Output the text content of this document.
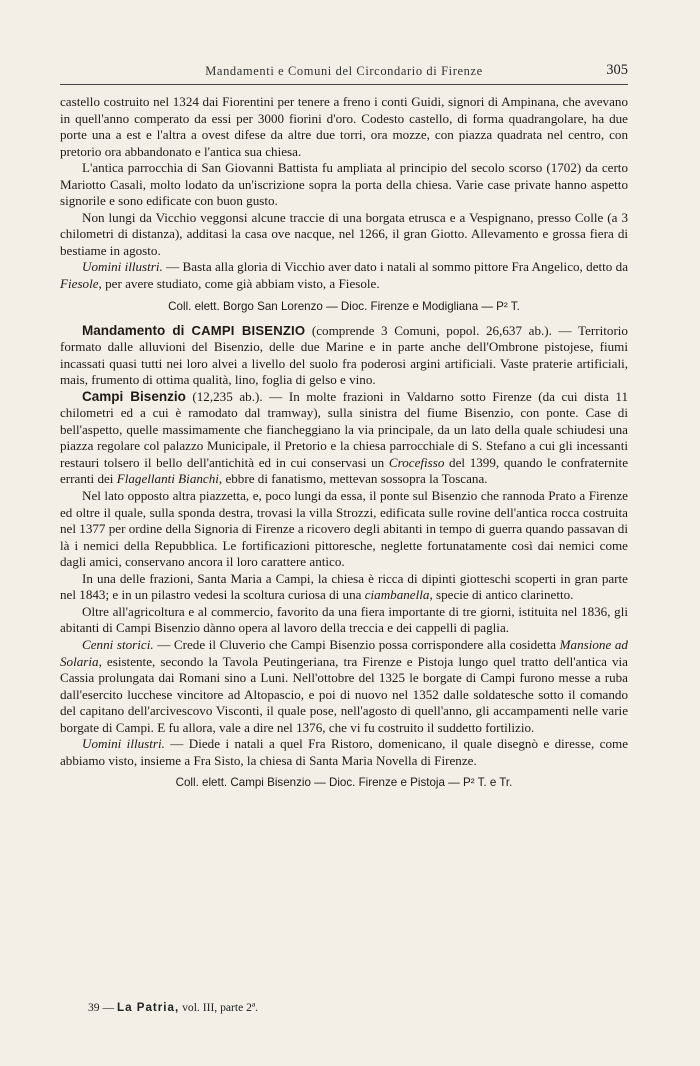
Mandamenti e Comuni del Circondario di Firenze	305

castello costruito nel 1324 dai Fiorentini per tenere a freno i conti Guidi, signori di Ampinana, che avevano in quell'anno comperato da essi per 3000 fiorini d'oro. Codesto castello, di forma quadrangolare, ha due porte una a est e l'altra a ovest difese da altre due torri, ora mozze, con piazza quadrata nel centro, con pretorio ora abbandonato e l'antica sua chiesa.

L'antica parrocchia di San Giovanni Battista fu ampliata al principio del secolo scorso (1702) da certo Mariotto Casali, molto lodato da un'iscrizione sopra la porta della chiesa. Varie case private hanno aspetto signorile e sono edificate con buon gusto.

Non lungi da Vicchio veggonsi alcune traccie di una borgata etrusca e a Vespignano, presso Colle (a 3 chilometri di distanza), additasi la casa ove nacque, nel 1266, il gran Giotto. Allevamento e grossa fiera di bestiame in agosto.

Uomini illustri. — Basta alla gloria di Vicchio aver dato i natali al sommo pittore Fra Angelico, detto da Fiesole, per avere studiato, come già abbiam visto, a Fiesole.

Coll. elett. Borgo San Lorenzo — Dioc. Firenze e Modigliana — P² T.

Mandamento di CAMPI BISENZIO (comprende 3 Comuni, popol. 26,637 ab.). — Territorio formato dalle alluvioni del Bisenzio, delle due Marine e in parte anche dell'Ombrone pistojese, fiumi incassati quasi tutti nei loro alvei a livello del suolo fra poderosi argini artificiali. Vaste praterie artificiali, mais, frumento di ottima qualità, lino, foglia di gelso e vino.

Campi Bisenzio (12,235 ab.). — In molte frazioni in Valdarno sotto Firenze (da cui dista 11 chilometri ed a cui è ramodato dal tramway), sulla sinistra del fiume Bisenzio, con ponte. Case di bell'aspetto, quelle massimamente che fiancheggiano la via principale, da un lato della quale schiudesi una piazza regolare col palazzo Municipale, il Pretorio e la chiesa parrocchiale di S. Stefano a cui gli incessanti restauri tolsero il bello dell'antichità ed in cui conservasi un Crocefisso del 1399, quando le confraternite erranti dei Flagellanti Bianchi, ebbre di fanatismo, mettevan sossopra la Toscana.

Nel lato opposto altra piazzetta, e, poco lungi da essa, il ponte sul Bisenzio che rannoda Prato a Firenze ed oltre il quale, sulla sponda destra, trovasi la villa Strozzi, edificata sulle rovine dell'antica rocca costruita nel 1377 per ordine della Signoria di Firenze a ricovero degli abitanti in tempo di guerra quando passavan di là i nemici della Repubblica. Le fortificazioni pittoresche, neglette fortunatamente così dai nemici come dagli amici, conservano ancora il loro carattere antico.

In una delle frazioni, Santa Maria a Campi, la chiesa è ricca di dipinti giotteschi scoperti in gran parte nel 1843; e in un pilastro vedesi la scoltura curiosa di una ciambanella, specie di antico clarinetto.

Oltre all'agricoltura e al commercio, favorito da una fiera importante di tre giorni, istituita nel 1836, gli abitanti di Campi Bisenzio dànno opera al lavoro della treccia e dei cappelli di paglia.

Cenni storici. — Crede il Cluverio che Campi Bisenzio possa corrispondere alla cosidetta Mansione ad Solaria, esistente, secondo la Tavola Peutingeriana, tra Firenze e Pistoja lungo quel tratto dell'antica via Cassia prolungata dai Romani sino a Luni. Nell'ottobre del 1325 le borgate di Campi furono messe a ruba dall'esercito lucchese vincitore ad Altopascio, e poi di nuovo nel 1352 dalle soldatesche sotto il comando del capitano dell'arcivescovo Visconti, il quale pose, nell'agosto di quell'anno, gli accampamenti nelle varie borgate di Campi. E fu allora, vale a dire nel 1376, che vi fu costruito il suddetto fortilizio.

Uomini illustri. — Diede i natali a quel Fra Ristoro, domenicano, il quale disegnò e diresse, come abbiamo visto, insieme a Fra Sisto, la chiesa di Santa Maria Novella di Firenze.

Coll. elett. Campi Bisenzio — Dioc. Firenze e Pistoja — P² T. e Tr.
39 — La Patria, vol. III, parte 2ª.
